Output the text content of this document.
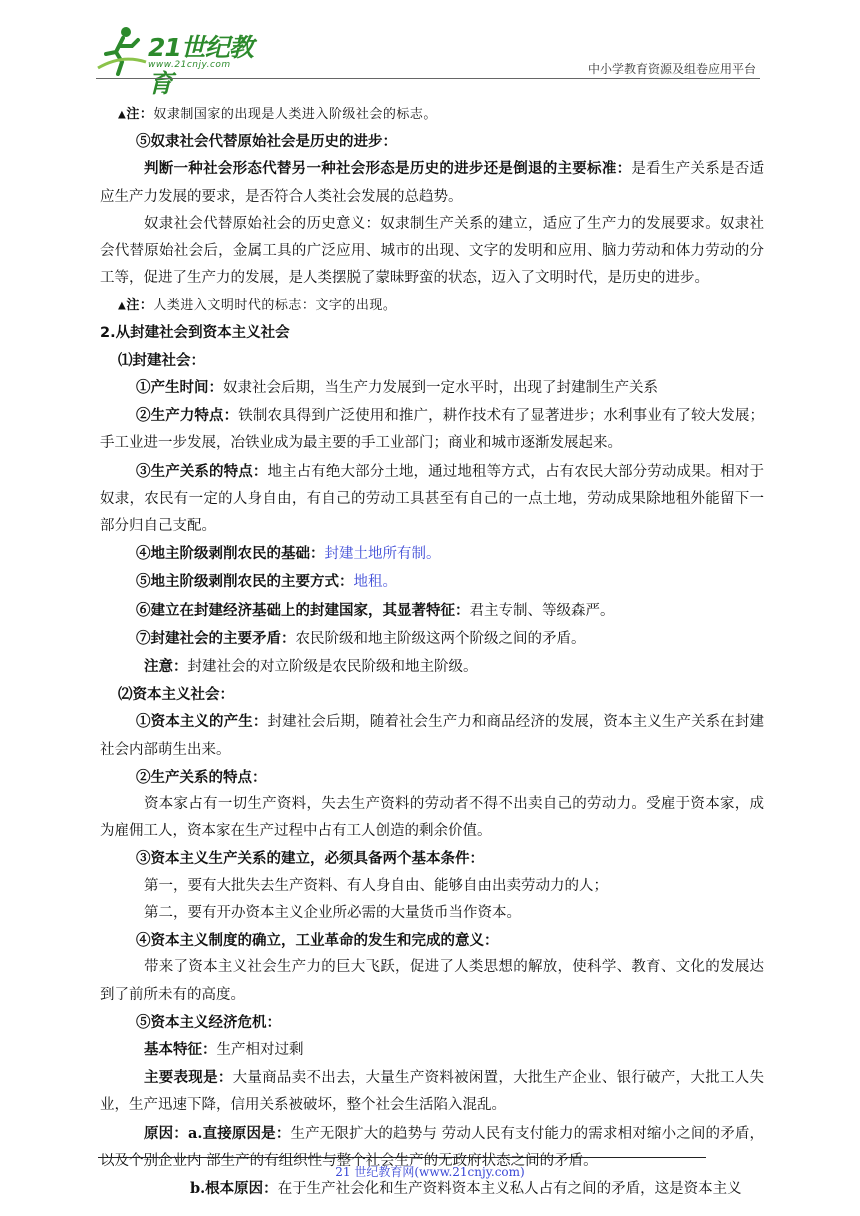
21世纪教育
www.21cnjy.com	中小学教育资源及组卷应用平台

▲注：奴隶制国家的出现是人类进入阶级社会的标志。

⑤奴隶社会代替原始社会是历史的进步：

判断一种社会形态代替另一种社会形态是历史的进步还是倒退的主要标准：是看生产关系是否适应生产力发展的要求，是否符合人类社会发展的总趋势。

奴隶社会代替原始社会的历史意义：奴隶制生产关系的建立，适应了生产力的发展要求。奴隶社会代替原始社会后，金属工具的广泛应用、城市的出现、文字的发明和应用、脑力劳动和体力劳动的分工等，促进了生产力的发展，是人类摆脱了蒙昧野蛮的状态，迈入了文明时代，是历史的进步。

▲注：人类进入文明时代的标志：文字的出现。

2.从封建社会到资本主义社会

⑴封建社会：

①产生时间：奴隶社会后期，当生产力发展到一定水平时，出现了封建制生产关系

②生产力特点：铁制农具得到广泛使用和推广，耕作技术有了显著进步；水利事业有了较大发展；手工业进一步发展，冶铁业成为最主要的手工业部门；商业和城市逐渐发展起来。

③生产关系的特点：地主占有绝大部分土地，通过地租等方式，占有农民大部分劳动成果。相对于奴隶，农民有一定的人身自由，有自己的劳动工具甚至有自己的一点土地，劳动成果除地租外能留下一部分归自己支配。

④地主阶级剥削农民的基础：封建土地所有制。

⑤地主阶级剥削农民的主要方式：地租。

⑥建立在封建经济基础上的封建国家，其显著特征：君主专制、等级森严。

⑦封建社会的主要矛盾：农民阶级和地主阶级这两个阶级之间的矛盾。

注意：封建社会的对立阶级是农民阶级和地主阶级。

⑵资本主义社会：

①资本主义的产生：封建社会后期，随着社会生产力和商品经济的发展，资本主义生产关系在封建社会内部萌生出来。

②生产关系的特点：

资本家占有一切生产资料，失去生产资料的劳动者不得不出卖自己的劳动力。受雇于资本家，成为雇佣工人，资本家在生产过程中占有工人创造的剩余价值。

③资本主义生产关系的建立，必须具备两个基本条件：

第一，要有大批失去生产资料、有人身自由、能够自由出卖劳动力的人；

第二，要有开办资本主义企业所必需的大量货币当作资本。

④资本主义制度的确立，工业革命的发生和完成的意义：

带来了资本主义社会生产力的巨大飞跃，促进了人类思想的解放，使科学、教育、文化的发展达到了前所未有的高度。

⑤资本主义经济危机：

基本特征：生产相对过剩

主要表现是：大量商品卖不出去，大量生产资料被闲置，大批生产企业、银行破产，大批工人失业，生产迅速下降，信用关系被破坏，整个社会生活陷入混乱。

原因：a.直接原因是：生产无限扩大的趋势与 劳动人民有支付能力的需求相对缩小之间的矛盾，以及个别企业内 部生产的有组织性与整个社会生产的无政府状态之间的矛盾。

b.根本原因：在于生产社会化和生产资料资本主义私人占有之间的矛盾，这是资本主义

21 世纪教育网(www.21cnjy.com)
